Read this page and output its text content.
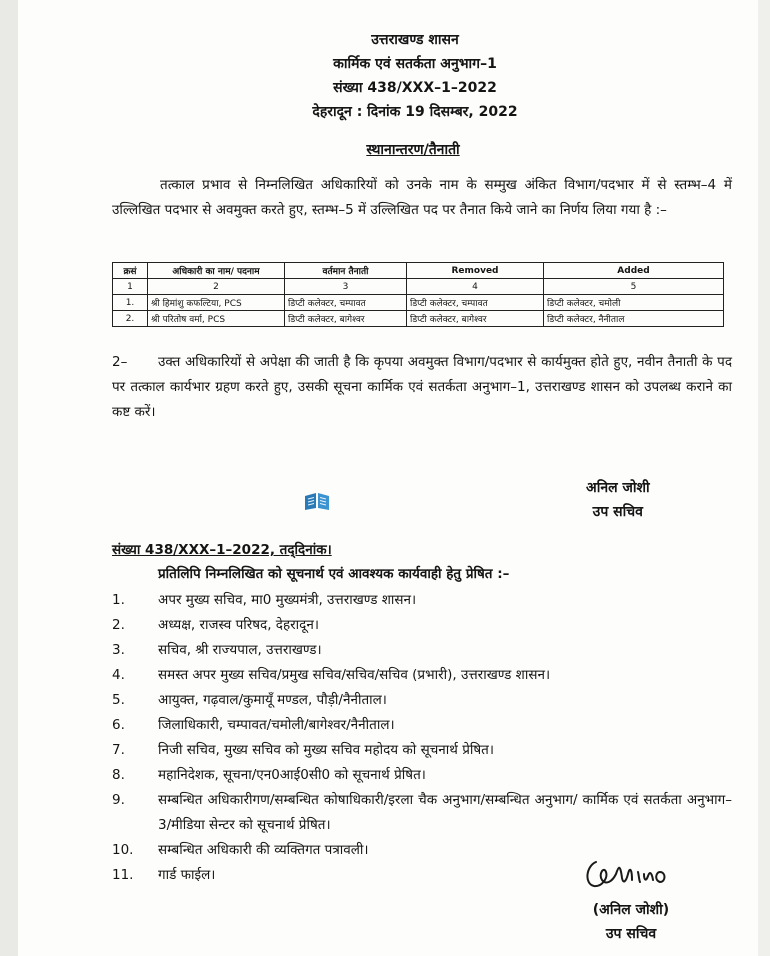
उत्तराखण्ड शासन
कार्मिक एवं सतर्कता अनुभाग–1
संख्या 438/XXX–1–2022
देहरादून : दिनांक 19 दिसम्बर, 2022
स्थानान्तरण/तैनाती
तत्काल प्रभाव से निम्नलिखित अधिकारियों को उनके नाम के सम्मुख अंकित विभाग/पदभार में से स्तम्भ–4 में उल्लिखित पदभार से अवमुक्त करते हुए, स्तम्भ–5 में उल्लिखित पद पर तैनात किये जाने का निर्णय लिया गया है :–
क्रसं	अधिकारी का नाम/ पदनाम	वर्तमान तैनाती	Removed	Added
1	2	3	4	5
1.	श्री हिमांशु कफल्टिया, PCS	डिप्टी कलेक्टर, चम्पावत	डिप्टी कलेक्टर, चम्पावत	डिप्टी कलेक्टर, चमोली
2.	श्री परितोष वर्मा, PCS	डिप्टी कलेक्टर, बागेश्वर	डिप्टी कलेक्टर, बागेश्वर	डिप्टी कलेक्टर, नैनीताल
2– उक्त अधिकारियों से अपेक्षा की जाती है कि कृपया अवमुक्त विभाग/पदभार से कार्यमुक्त होते हुए, नवीन तैनाती के पद पर तत्काल कार्यभार ग्रहण करते हुए, उसकी सूचना कार्मिक एवं सतर्कता अनुभाग–1, उत्तराखण्ड शासन को उपलब्ध कराने का कष्ट करें।
अनिल जोशी
उप सचिव
संख्या 438/XXX–1–2022, तद्‌दिनांक।
प्रतिलिपि निम्नलिखित को सूचनार्थ एवं आवश्यक कार्यवाही हेतु प्रेषित :–
1.	अपर मुख्य सचिव, मा0 मुख्यमंत्री, उत्तराखण्ड शासन।
2.	अध्यक्ष, राजस्व परिषद, देहरादून।
3.	सचिव, श्री राज्यपाल, उत्तराखण्ड।
4.	समस्त अपर मुख्य सचिव/प्रमुख सचिव/सचिव/सचिव (प्रभारी), उत्तराखण्ड शासन।
5.	आयुक्त, गढ़वाल/कुमायूँ मण्डल, पौड़ी/नैनीताल।
6.	जिलाधिकारी, चम्पावत/चमोली/बागेश्वर/नैनीताल।
7.	निजी सचिव, मुख्य सचिव को मुख्य सचिव महोदय को सूचनार्थ प्रेषित।
8.	महानिदेशक, सूचना/एन0आई0सी0 को सूचनार्थ प्रेषित।
9.	सम्बन्धित अधिकारीगण/सम्बन्धित कोषाधिकारी/इरला चैक अनुभाग/सम्बन्धित अनुभाग/ कार्मिक एवं सतर्कता अनुभाग–3/मीडिया सेन्टर को सूचनार्थ प्रेषित।
10.	सम्बन्धित अधिकारी की व्यक्तिगत पत्रावली।
11.	गार्ड फाईल।
(अनिल जोशी)
उप सचिव
